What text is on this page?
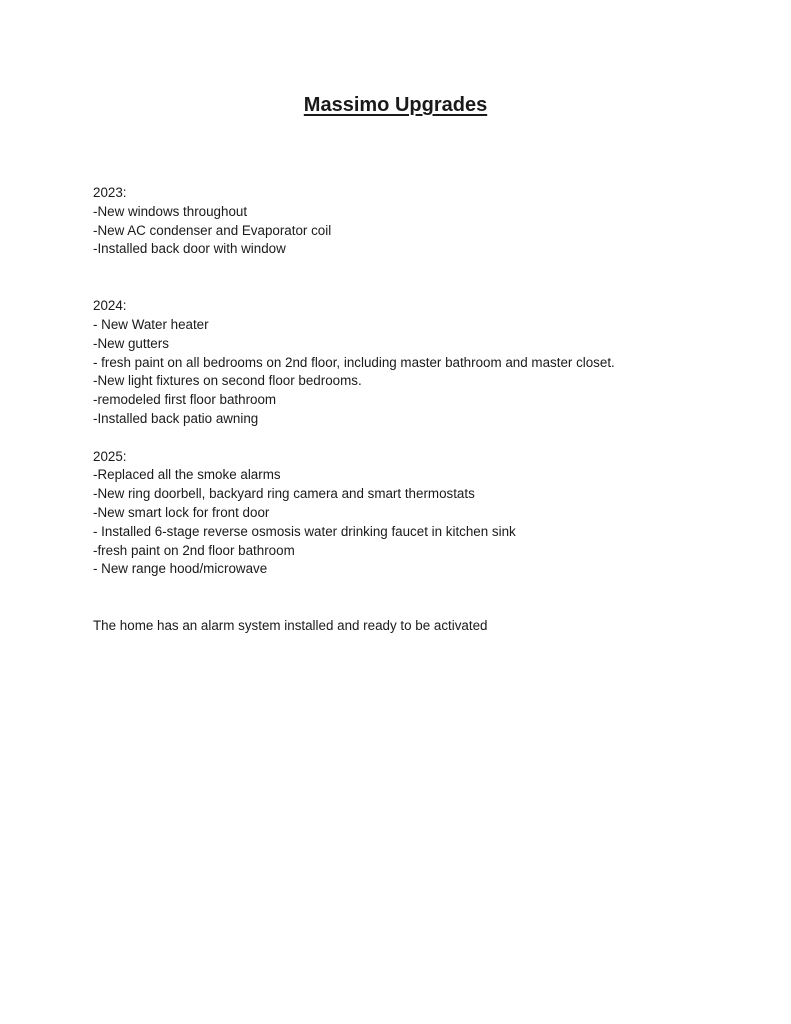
Massimo Upgrades
2023:
-New windows throughout
-New AC condenser and Evaporator coil
-Installed back door with window
2024:
- New Water heater
-New gutters
- fresh paint on all bedrooms on 2nd floor, including master bathroom and master closet.
-New light fixtures on second floor bedrooms.
-remodeled first floor bathroom
-Installed back patio awning
2025:
-Replaced all the smoke alarms
-New ring doorbell, backyard ring camera and smart thermostats
-New smart lock for front door
- Installed 6-stage reverse osmosis water drinking faucet in kitchen sink
-fresh paint on 2nd floor bathroom
- New range hood/microwave

The home has an alarm system installed and ready to be activated
